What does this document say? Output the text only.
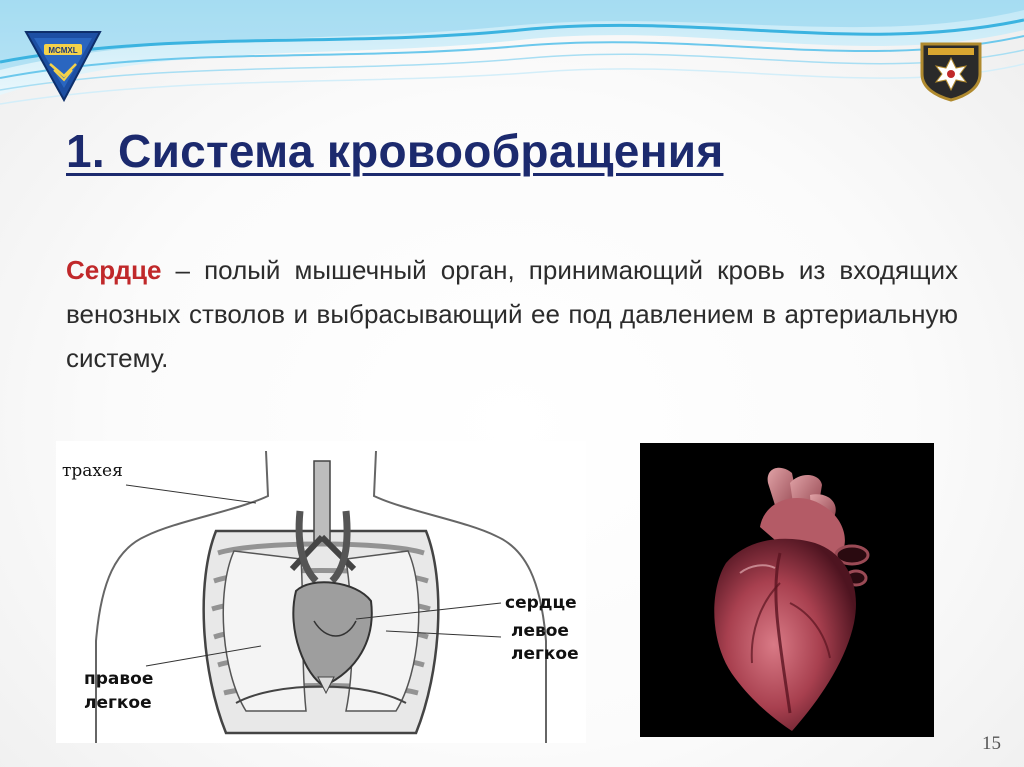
MCMXL
1. Система кровообращения

Сердце – полый мышечный орган, принимающий кровь из входящих венозных стволов и выбрасывающий ее под давлением в артериальную систему.

трахея
сердце
левое
легкое
правое
легкое
15
